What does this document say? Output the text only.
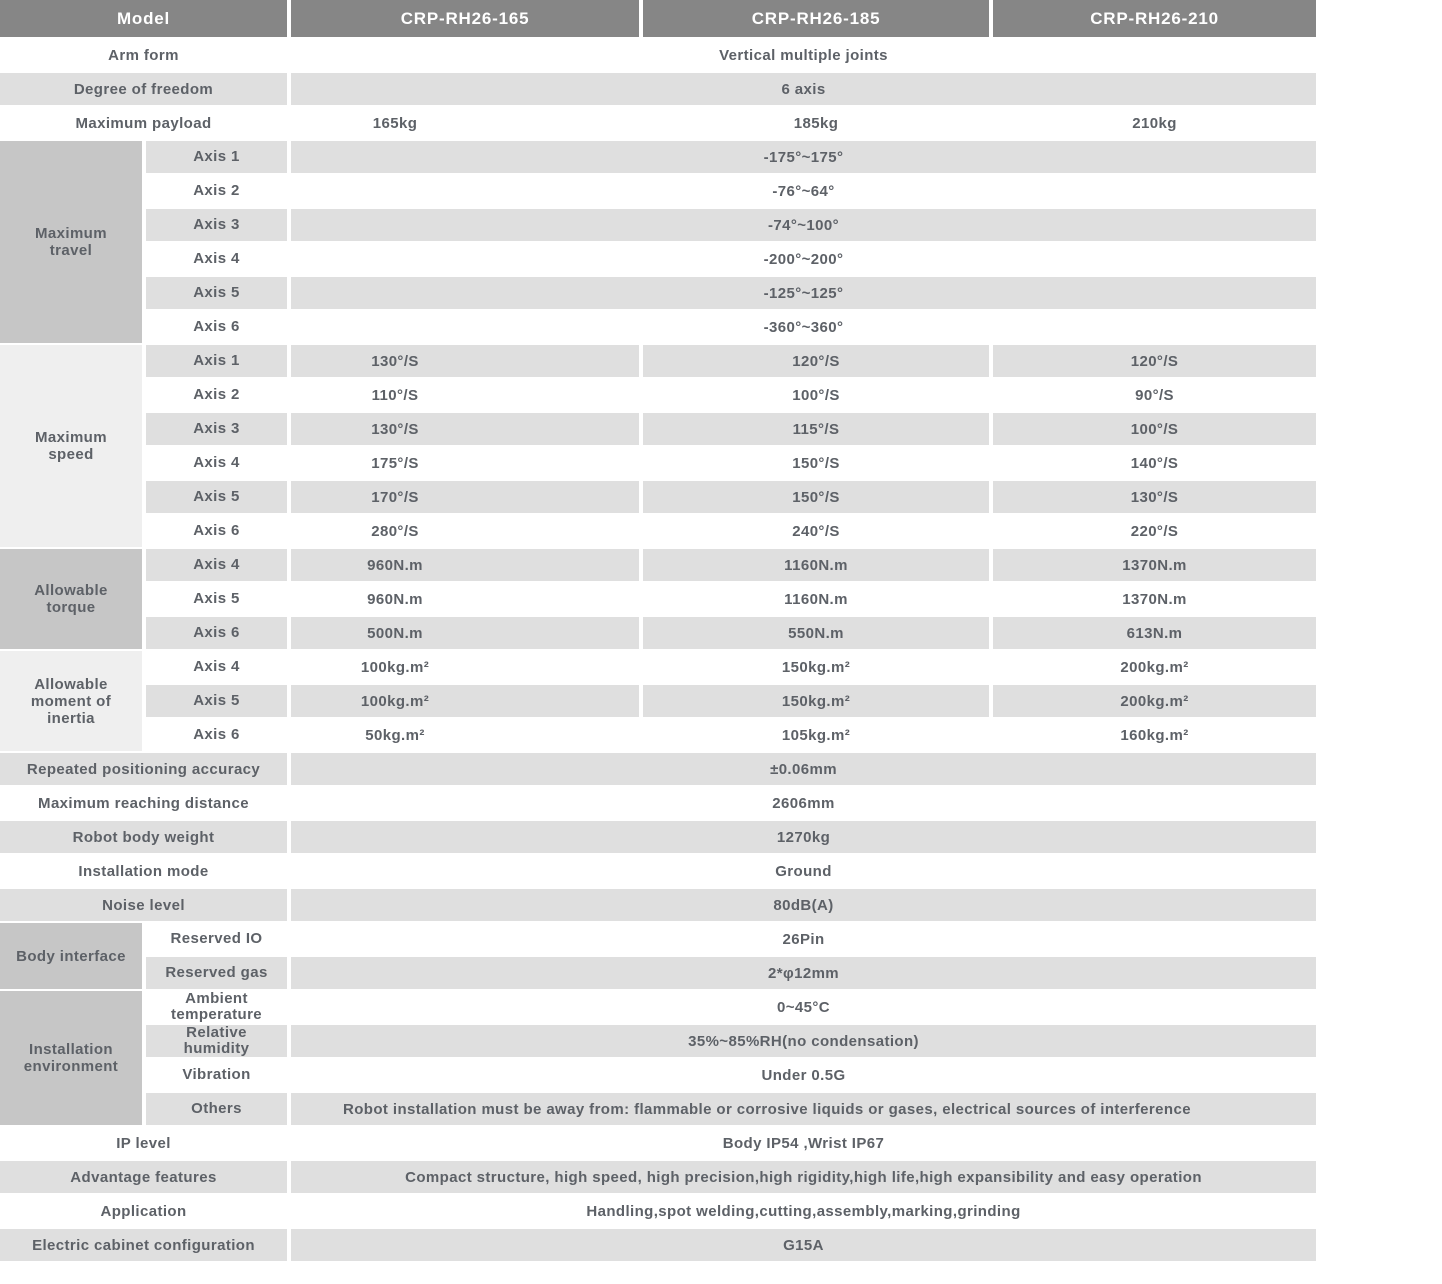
Model		CRP-RH26-165	CRP-RH26-185	CRP-RH26-210
Arm form		Vertical multiple joints		
Degree of freedom		6 axis		
Maximum payload		165kg	185kg	210kg
Maximum travel	Axis 1	-175°~175°		
	Axis 2	-76°~64°		
	Axis 3	-74°~100°		
	Axis 4	-200°~200°		
	Axis 5	-125°~125°		
	Axis 6	-360°~360°		
Maximum speed	Axis 1	130°/S	120°/S	120°/S
	Axis 2	110°/S	100°/S	90°/S
	Axis 3	130°/S	115°/S	100°/S
	Axis 4	175°/S	150°/S	140°/S
	Axis 5	170°/S	150°/S	130°/S
	Axis 6	280°/S	240°/S	220°/S
Allowable torque	Axis 4	960N.m	1160N.m	1370N.m
	Axis 5	960N.m	1160N.m	1370N.m
	Axis 6	500N.m	550N.m	613N.m
Allowable moment of inertia	Axis 4	100kg.m²	150kg.m²	200kg.m²
	Axis 5	100kg.m²	150kg.m²	200kg.m²
	Axis 6	50kg.m²	105kg.m²	160kg.m²
Repeated positioning accuracy		±0.06mm		
Maximum reaching distance		2606mm		
Robot body weight		1270kg		
Installation mode		Ground		
Noise level		80dB(A)		
Body interface	Reserved IO	26Pin		
	Reserved gas	2*φ12mm		
Installation environment	Ambient temperature	0~45°C		
	Relative humidity	35%~85%RH(no condensation)		
	Vibration	Under 0.5G		
	Others	Robot installation must be away from: flammable or corrosive liquids or gases, electrical sources of interference		
IP level		Body IP54 ,Wrist IP67		
Advantage features		Compact structure, high speed, high precision,high rigidity,high life,high expansibility and easy operation		
Application		Handling,spot welding,cutting,assembly,marking,grinding		
Electric cabinet configuration		G15A		
